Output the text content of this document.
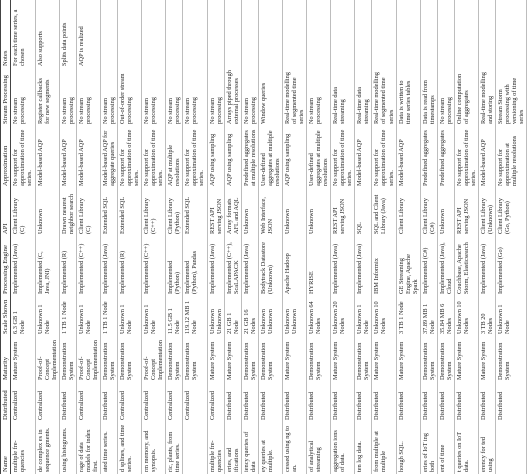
Name	Distributed	Maturity	Scale Shown	Processing Engine	API	Approximation	Stream Processing	Notes
multiple fre-quencies	Centralized	Mature System	6.3 GB 1 Node	Implemented (Java)	Client Library (C)	No support for approximation of time series.	No stream processing	For each time series, a chosen
de complex es in sequence gments.	Centralized	Proof-of-Concept Implementation	Unknown 1 Node	Implemented (C, Java, JNI)	Unknown	Model-based AQP	Register callbacks for new segments	Also supports
using histograms.	Distributed	Demonstration System	1 TB 1 Node	Implemented (R)	Drawn nearest neighbor search	Model-based AQP	No stream processing	Splits data points
rage of data models for index first.	Centralized	Proof-of-Concept Implementation	Unknown 1 Node	Implemented (C++)	Client Library (C)	Model-based AQP	No stream processing	AQP is realized
ated time series.	Distributed	Demonstration System	1 TB 1 Node	Implemented (Java)	Extended SQL	Model-based AQP for aggregate queries	No stream processing	
d splines, and time series.	Centralized	Demonstration System	Unknown 1 Node	Implemented (R)	Extended SQL	No support for approximation of time series.	Out-of-order stream processing	
rm memory, and synopsis.	Centralized	Proof-of-Concept Implementation	Unknown 1 Node	Implemented (C++)	Client Library (C++)	No support for approximation of time series.	No stream processing	
ric, plants, from time series.	Centralized	Demonstration System	11.5 GB 1 Node	Implemented (Python)	Client Library (Python)	AQP at multiple resolutions	No stream processing	
	Centralized	Demonstration System	119.12 MB 1 Node	Implemented (Python), Pandas	Extended SQL	No support for approximation of time series.	No stream processing	
multiple fre-quencies	Centralized	Mature System	Unknown Unknown	Implemented (Java)	REST API serving JSON	AQP using sampling	No stream processing	
eries, and ifications	Distributed	Mature System	21 GB 1 Node	Implemented (C++), ScaLAPACK	Array formats AFL and AQL	AQP using sampling	Arrays piped through external processes	
iency queries of data	Distributed	Demonstration System	21 GB 16 Nodes	Implemented (Java)	Unknown	Predefined aggregates at multiple resolutions	No stream processing	
ey queries at multiple.	Distributed	Demonstration System	Unknown Unknown	Bodytrack Datastore (Unknown)	Web Interface, JSON	User-defined aggregates at multiple resolutions	Window queries	
cessed using ng to an.	Distributed	Mature System	Unknown Unknown	Apache Hadoop	Unknown	AQP using sampling	Real-time modelling of segmented time series	
of analytical streaming	Distributed	Demonstration System	Unknown 64 Nodes	HYRISE	Unknown	User-defined aggregates at multiple resolutions	No stream processing	
aggregation ions of data.	Distributed	Mature System	Unknown 20 Nodes	Implemented (Java)	REST API serving JSON	No support for approximation of time series.	Real-time data streaming	
ten log data.	Distributed	Demonstration System	Unknown 1 Node	Implemented (Java)	SQL	Model-based AQP	Real-time data streaming	
from multiple at multiple	Distributed	Mature System	Unknown 10 Nodes	IBM Informix	SQL and Client Library (Java)	No support for approximation of time series.	Real-time modelling of segmented time series	
hough SQL.	Distributed	Mature System	3 TB 1 Node	GE Streaming Engine, Apache Spark	Client Library	Model-based AQP	Data is written to time series tables	
eries of IoT ing both	Distributed	Demonstration System	37.89 MB 1 Node	Implemented (C#)	Client Library (C#)	Predefined aggregates	Data is read from timestamps	
ent of time	Distributed	Demonstration System	35.84 MB 6 Nodes	Implemented (Java), Cloud	Unknown	Predefined aggregates	No stream processing	
t queries on IoT data.	Distributed	Mature System	Unknown 10 Nodes	Couchbase, Apache Storm, Elasticsearch	REST API serving JSON	No support for approximation of time series.	Online computation of aggregates	
erency for ted using	Distributed	Mature System	3 TB 20 Nodes	Implemented (Java)	Client Library (Unknown)	Model-based AQP	Real-time modelling and storing	
	Distributed	Demonstration System	Unknown 1 Node	Implemented (Go)	Client Library (Go, Python)	No support for approximation at multiple resolutions	Stream Storm processing with versioning of time series	
